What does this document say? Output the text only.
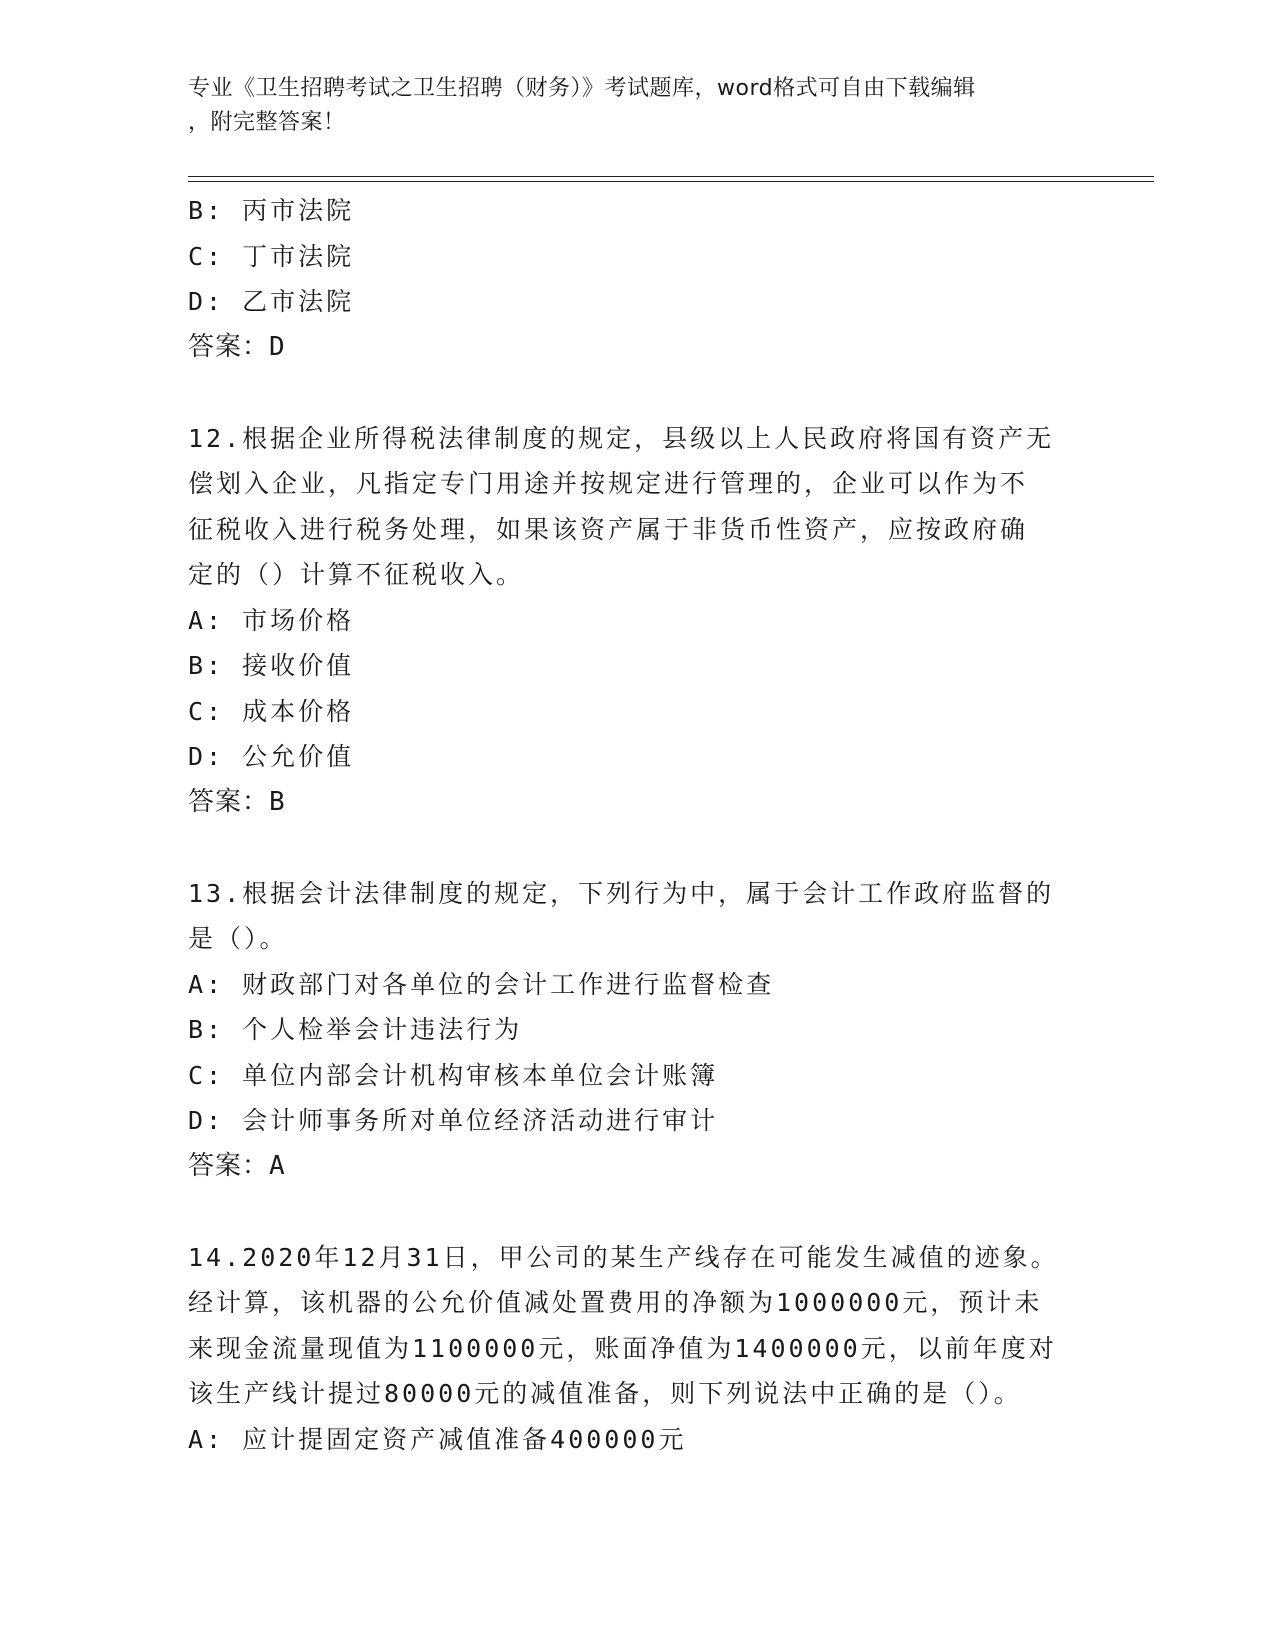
专业《卫生招聘考试之卫生招聘（财务）》考试题库，word格式可自由下载编辑
，附完整答案！
B: 丙市法院
C: 丁市法院
D: 乙市法院
答案：D
12.根据企业所得税法律制度的规定，县级以上人民政府将国有资产无
偿划入企业，凡指定专门用途并按规定进行管理的，企业可以作为不
征税收入进行税务处理，如果该资产属于非货币性资产，应按政府确
定的（）计算不征税收入。
A: 市场价格
B: 接收价值
C: 成本价格
D: 公允价值
答案：B
13.根据会计法律制度的规定，下列行为中，属于会计工作政府监督的
是（）。
A: 财政部门对各单位的会计工作进行监督检查
B: 个人检举会计违法行为
C: 单位内部会计机构审核本单位会计账簿
D: 会计师事务所对单位经济活动进行审计
答案：A
14.2020年12月31日，甲公司的某生产线存在可能发生减值的迹象。
经计算，该机器的公允价值减处置费用的净额为1000000元，预计未
来现金流量现值为1100000元，账面净值为1400000元，以前年度对
该生产线计提过80000元的减值准备，则下列说法中正确的是（）。
A: 应计提固定资产减值准备400000元
